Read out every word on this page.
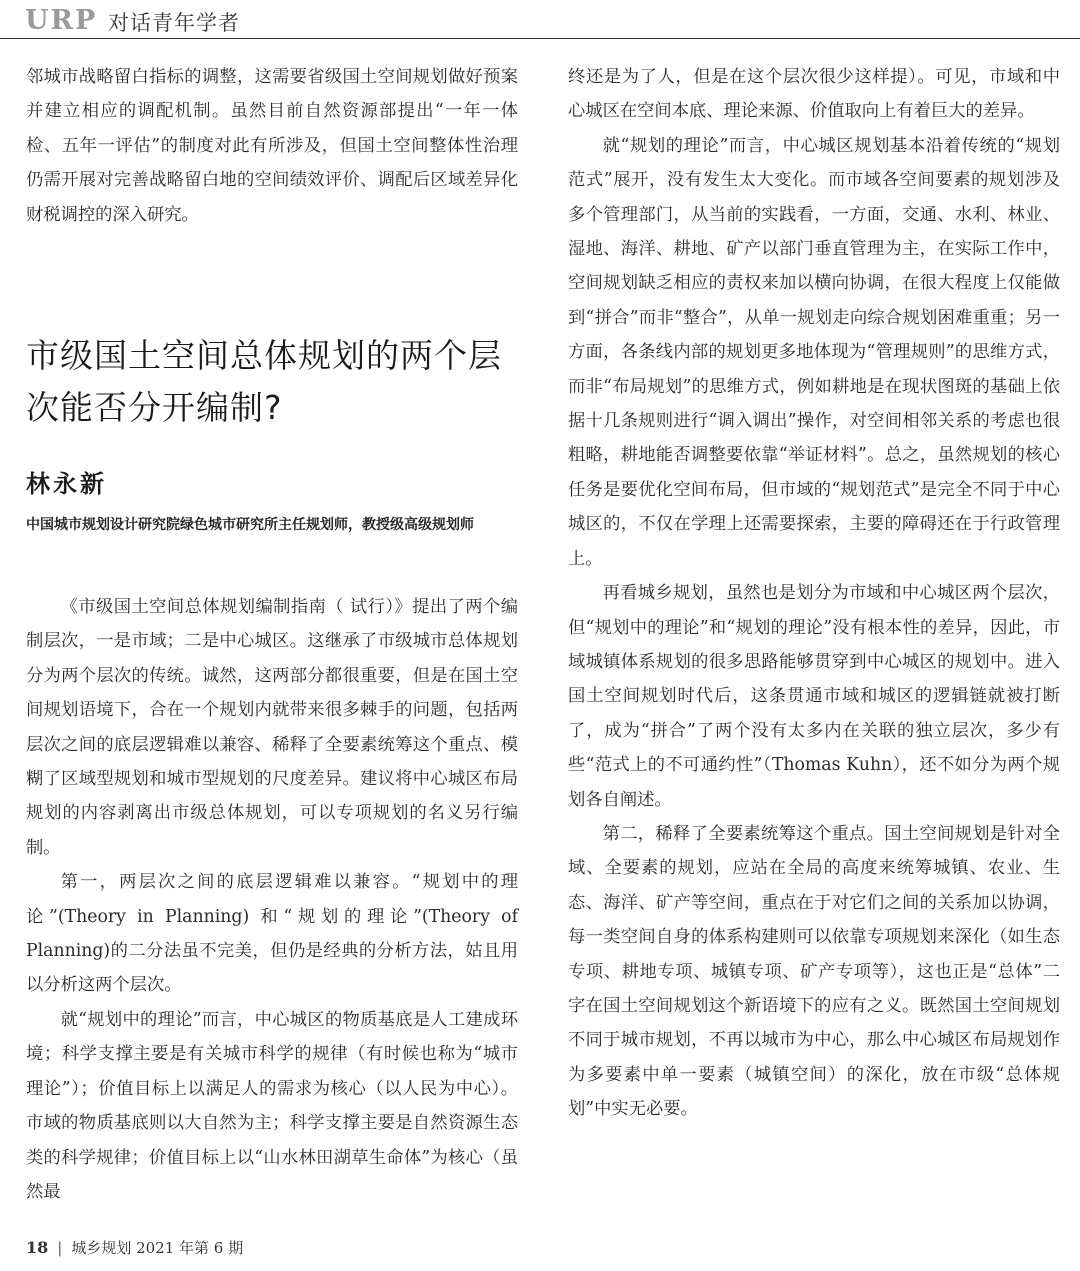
URP 对话青年学者

邻城市战略留白指标的调整，这需要省级国土空间规划做好预案并建立相应的调配机制。虽然目前自然资源部提出“一年一体检、五年一评估”的制度对此有所涉及，但国土空间整体性治理仍需开展对完善战略留白地的空间绩效评价、调配后区域差异化财税调控的深入研究。

市级国土空间总体规划的两个层次能否分开编制?
林永新
中国城市规划设计研究院绿色城市研究所主任规划师，教授级高级规划师

《市级国土空间总体规划编制指南（ 试行）》提出了两个编制层次，一是市域；二是中心城区。这继承了市级城市总体规划分为两个层次的传统。诚然，这两部分都很重要，但是在国土空间规划语境下，合在一个规划内就带来很多棘手的问题，包括两层次之间的底层逻辑难以兼容、稀释了全要素统筹这个重点、模糊了区域型规划和城市型规划的尺度差异。建议将中心城区布局规划的内容剥离出市级总体规划，可以专项规划的名义另行编制。

第一，两层次之间的底层逻辑难以兼容。“规划中的理论”(Theory in Planning) 和“规划的理论”(Theory of Planning)的二分法虽不完美，但仍是经典的分析方法，姑且用以分析这两个层次。

就“规划中的理论”而言，中心城区的物质基底是人工建成环境；科学支撑主要是有关城市科学的规律（有时候也称为“城市理论”）；价值目标上以满足人的需求为核心（以人民为中心）。市域的物质基底则以大自然为主；科学支撑主要是自然资源生态类的科学规律；价值目标上以“山水林田湖草生命体”为核心（虽然最

终还是为了人，但是在这个层次很少这样提）。可见，市域和中心城区在空间本底、理论来源、价值取向上有着巨大的差异。

就“规划的理论”而言，中心城区规划基本沿着传统的“规划范式”展开，没有发生太大变化。而市域各空间要素的规划涉及多个管理部门，从当前的实践看，一方面，交通、水利、林业、湿地、海洋、耕地、矿产以部门垂直管理为主，在实际工作中，空间规划缺乏相应的责权来加以横向协调，在很大程度上仅能做到“拼合”而非“整合”，从单一规划走向综合规划困难重重；另一方面，各条线内部的规划更多地体现为“管理规则”的思维方式，而非“布局规划”的思维方式，例如耕地是在现状图斑的基础上依据十几条规则进行“调入调出”操作，对空间相邻关系的考虑也很粗略，耕地能否调整要依靠“举证材料”。总之，虽然规划的核心任务是要优化空间布局，但市域的“规划范式”是完全不同于中心城区的，不仅在学理上还需要探索，主要的障碍还在于行政管理上。

再看城乡规划，虽然也是划分为市域和中心城区两个层次，但“规划中的理论”和“规划的理论”没有根本性的差异，因此，市域城镇体系规划的很多思路能够贯穿到中心城区的规划中。进入国土空间规划时代后，这条贯通市域和城区的逻辑链就被打断了，成为“拼合”了两个没有太多内在关联的独立层次，多少有些“范式上的不可通约性”（Thomas Kuhn），还不如分为两个规划各自阐述。

第二，稀释了全要素统筹这个重点。国土空间规划是针对全域、全要素的规划，应站在全局的高度来统筹城镇、农业、生态、海洋、矿产等空间，重点在于对它们之间的关系加以协调，每一类空间自身的体系构建则可以依靠专项规划来深化（如生态专项、耕地专项、城镇专项、矿产专项等），这也正是“总体”二字在国土空间规划这个新语境下的应有之义。既然国土空间规划不同于城市规划，不再以城市为中心，那么中心城区布局规划作为多要素中单一要素（城镇空间）的深化，放在市级“总体规划”中实无必要。

18 | 城乡规划 2021 年第 6 期
